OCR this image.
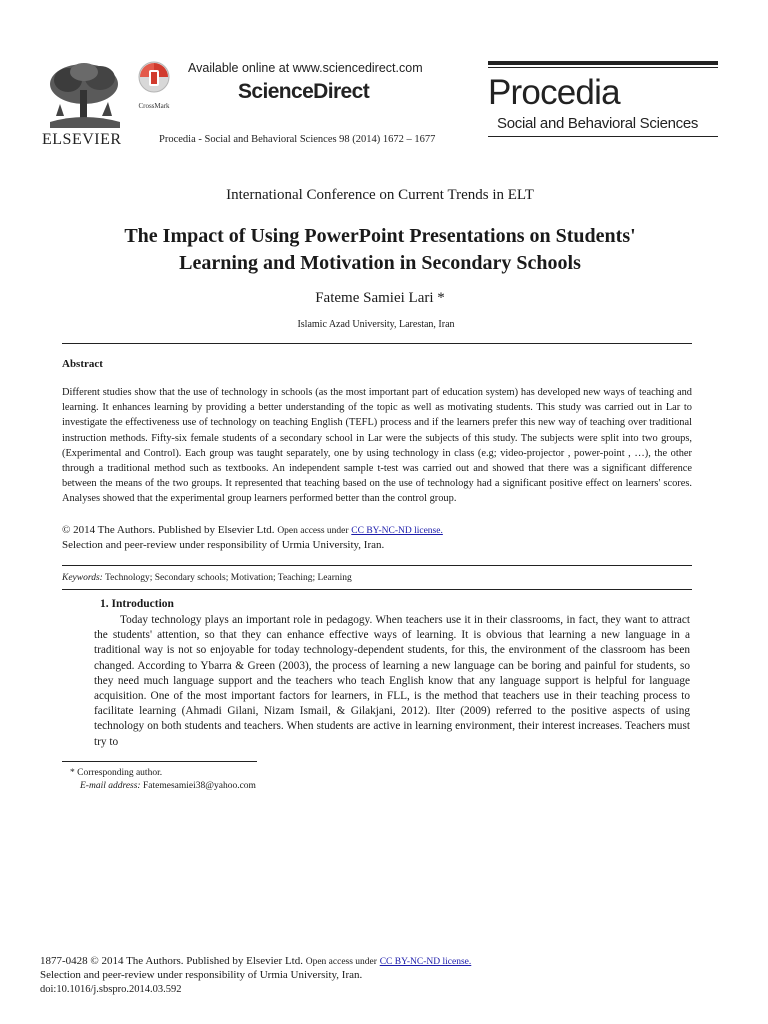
ELSEVIER
CrossMark
Available online at www.sciencedirect.com
ScienceDirect
Procedia - Social and Behavioral Sciences 98 (2014) 1672 – 1677
Procedia
Social and Behavioral Sciences
International Conference on Current Trends in ELT
The Impact of Using PowerPoint Presentations on Students'
Learning and Motivation in Secondary Schools
Fateme Samiei Lari *
Islamic Azad University, Larestan, Iran
Abstract

Different studies show that the use of technology in schools (as the most important part of education system) has developed new ways of teaching and learning. It enhances learning by providing a better understanding of the topic as well as motivating students. This study was carried out in Lar to investigate the effectiveness use of technology on teaching English (TEFL) process and if the learners prefer this new way of teaching over traditional instruction methods. Fifty-six female students of a secondary school in Lar were the subjects of this study. The subjects were split into two groups, (Experimental and Control). Each group was taught separately, one by using technology in class (e.g; video-projector , power-point , …), the other through a traditional method such as textbooks. An independent sample t-test was carried out and showed that there was a significant difference between the means of the two groups. It represented that teaching based on the use of technology had a significant positive effect on learners' scores. Analyses showed that the experimental group learners performed better than the control group.

© 2014 The Authors. Published by Elsevier Ltd. Open access under CC BY-NC-ND license.
Selection and peer-review under responsibility of Urmia University, Iran.
Keywords: Technology; Secondary schools; Motivation; Teaching; Learning
1. Introduction

Today technology plays an important role in pedagogy. When teachers use it in their classrooms, in fact, they want to attract the students' attention, so that they can enhance effective ways of learning. It is obvious that learning a new language in a traditional way is not so enjoyable for today technology-dependent students, for this, the environment of the classroom has been changed. According to Ybarra & Green (2003), the process of learning a new language can be boring and painful for students, so they need much language support and the teachers who teach English know that any language support is helpful for language acquisition. One of the most important factors for learners, in FLL, is the method that teachers use in their teaching process to facilitate learning (Ahmadi Gilani, Nizam Ismail, & Gilakjani, 2012). Ilter (2009) referred to the positive aspects of using technology on both students and teachers. When students are active in learning environment, their interest increases. Teachers must try to

* Corresponding author.
E-mail address: Fatemesamiei38@yahoo.com
1877-0428 © 2014 The Authors. Published by Elsevier Ltd. Open access under CC BY-NC-ND license.
Selection and peer-review under responsibility of Urmia University, Iran.
doi:10.1016/j.sbspro.2014.03.592
